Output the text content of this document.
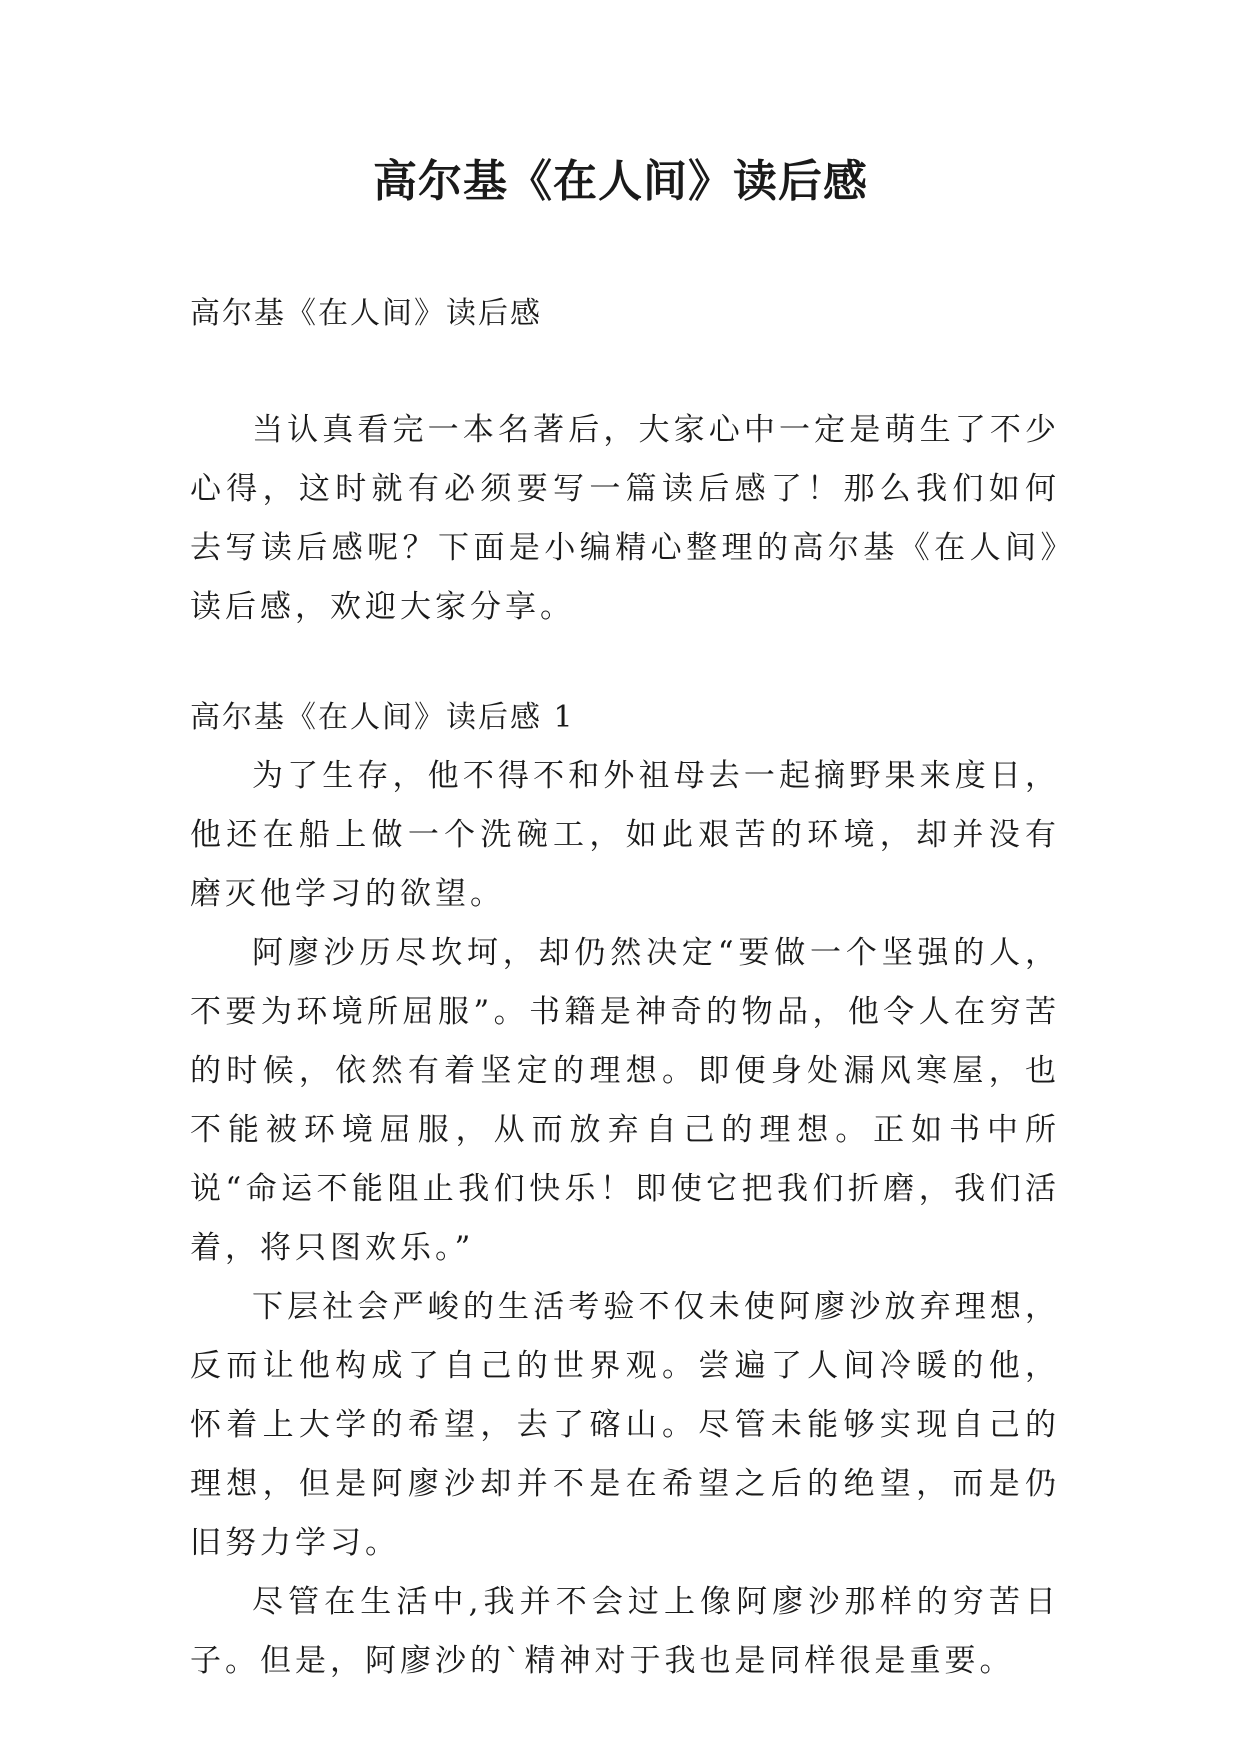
高尔基《在人间》读后感

高尔基《在人间》读后感

当认真看完一本名著后，大家心中一定是萌生了不少心得，这时就有必须要写一篇读后感了！那么我们如何去写读后感呢？下面是小编精心整理的高尔基《在人间》读后感，欢迎大家分享。

高尔基《在人间》读后感 1

为了生存，他不得不和外祖母去一起摘野果来度日，他还在船上做一个洗碗工，如此艰苦的环境，却并没有磨灭他学习的欲望。

阿廖沙历尽坎坷，却仍然决定“要做一个坚强的人，不要为环境所屈服”。书籍是神奇的物品，他令人在穷苦的时候，依然有着坚定的理想。即便身处漏风寒屋，也不能被环境屈服，从而放弃自己的理想。正如书中所说“命运不能阻止我们快乐！即使它把我们折磨，我们活着，将只图欢乐。”

下层社会严峻的生活考验不仅未使阿廖沙放弃理想，反而让他构成了自己的世界观。尝遍了人间冷暖的他，怀着上大学的希望，去了碦山。尽管未能够实现自己的理想，但是阿廖沙却并不是在希望之后的绝望，而是仍旧努力学习。

尽管在生活中,我并不会过上像阿廖沙那样的穷苦日子。但是，阿廖沙的`精神对于我也是同样很是重要。
